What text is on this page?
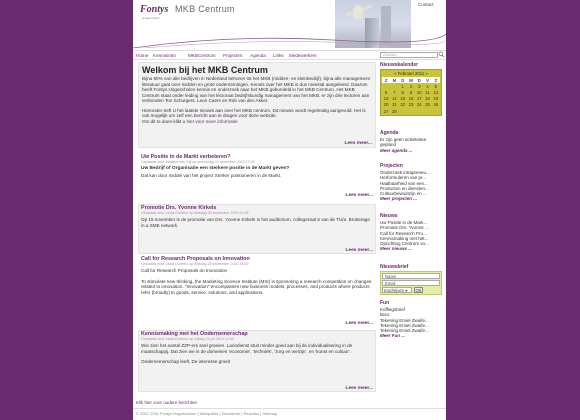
Fontys
Hogescholen
MKB Centrum	Contact
Home Kennisintro	MKBCentrum Projecten Agenda Links Medewerkers	Zoeken
Welkom bij het MKB Centrum

Bijna 90% van alle bedrijven in Nederland behoren tot het MKB (midden- en kleinbedrijf), bijna alle management literatuur gaat over midden en grote ondernemingen. Kennis over het MKB is dus meestal aangeleerd. Daarom heeft Fontys Hogescholen kennis en onderzoek naar het MKB gebundeld in het MKB Centrum. Het MKB Centrum staat onder leiding van het lectoraat bedrijfskundig management van het MKB, er zijn drie lectoren aan verbonden Ton Schurgers, Leon Caers en Rob van den Akker.

Hieronder treft U het laatste nieuws aan over het MKB centrum. Dit nieuws wordt regelmatig aangevuld. Het is ook mogelijk om zelf een bericht aan te dragen voor deze website.

Om dit te doen klikt u hier voor meer informatie

Lees meer...
Uw Positie in de Markt verbeteren?
Geplaatst door Marieke van Gijl op woensdag 24 november 2010 17:23
Uw Bedrijf of Organisatie een sterkere positie in de Markt geven?

Dat kan door middel van het project Sterker positioneren in de Markt.

Lees meer...
Promotie Drs. Yvonne Kirkels
Geplaatst door Linda Dortens op dinsdag 28 september 2010 21:08

Op 15 november is de promotie van Drs. Yvonne Kirkels in het auditorium, collegezaal 5 van de TU/e. Brokerage in a SME network.

Lees meer...
Call for Research Proposals on Innovation
Geplaatst door Linda Dortens op dinsdag 28 september 2010 18:00

Call for Research Proposals on Innovation

To stimulate new thinking, the Marketing Science Institute (MSI) is sponsoring a research competition on changes related to innovation. "Innovation" encompasses new business models, processes, and products where products refer (broadly) to goods, service, solutions, and applications.

Lees meer...
Kennismaking met het Ondernemerschap
Geplaatst door Linda Dortens op vrijdag 23 juli 2010 12:52

Wie zien het aantal ZZP-ers snel groeien. Laondienst stuit minder goed aan bij de individualisering in de maatschappij. Dat zien we in de domeinen 'economie', 'techniek', 'zorg en welzijn', en 'kunst en cultuur'.

Ondernemerschap leeft. De interesse groeit

Lees meer...
Klik hier voor oudere berichten
© 2007-2011 Fontys Hogescholen | Webpolitie | Disclaimer | Reacties | Sitemap
Nieuwskalender
« Februari 2011 »
Z	M	D	W	D	V	Z
		1	2	3	4	5
6	7	8	9	10	11	12
13	14	15	16	17	18	19
20	21	22	23	24	25	26
27	28					
Agenda
Er zijn geen activiteiten gepland
Meer agenda ...
Projecten
Onderzoek intrapreneu...
Herformuleren van pr...
Haalbaarheid van een...
Producten en diensten...
Cultuurbewustzijn en ...
Meer projecten ...
Nieuws
Uw Positie in de Mark...
Promotie Drs. Yvonne ...
Call for Research Pro...
Kennismaking met het...
Oprichting Centrum vo...
Meer nieuws ...
Nieuwsbrief
Naam
Email
Inschrijven ▾	OK
Fun
Koffiegsbrief
Buro
Tekening Emiel Zwaife...
Tekening Emiel Zwaife...
Tekening Emiel Zwaife...
Meer Fun ...
